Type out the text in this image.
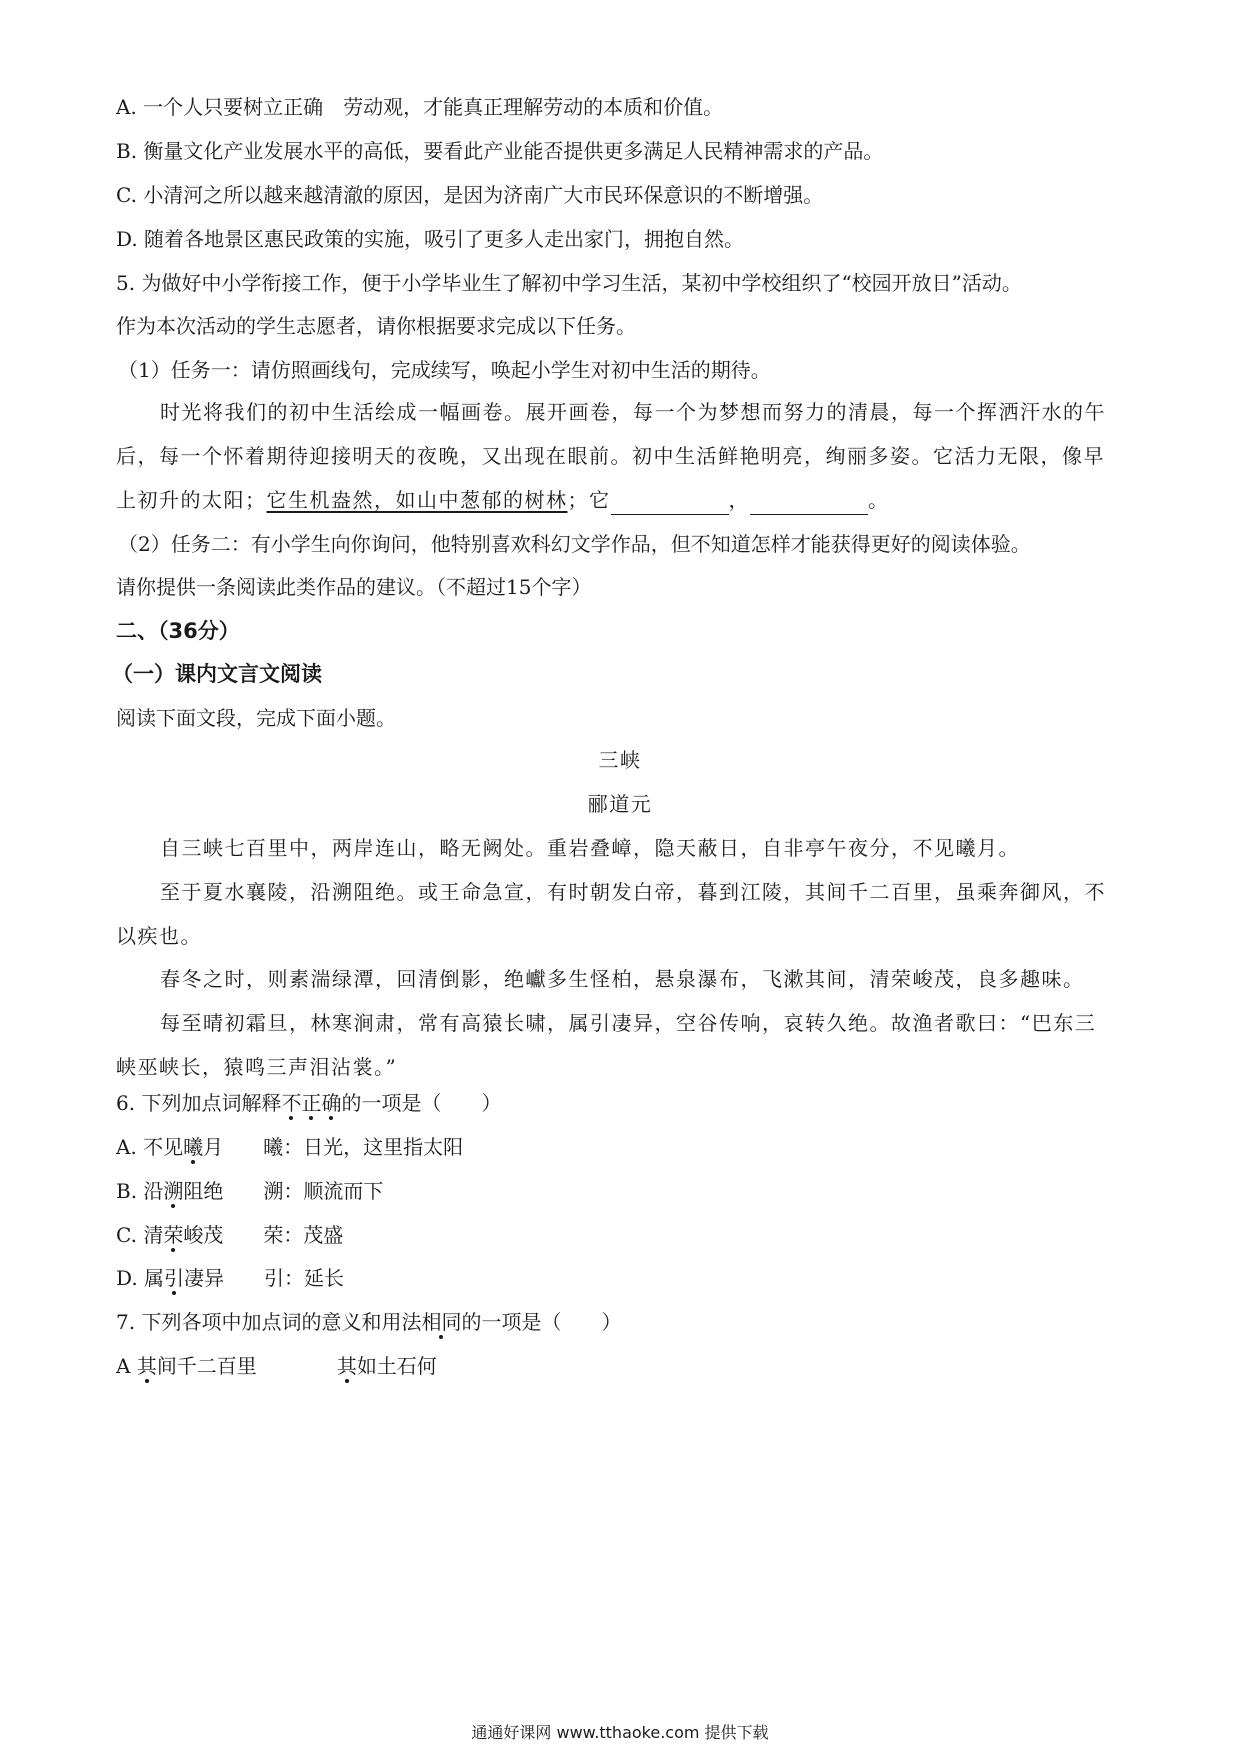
A. 一个人只要树立正确　劳动观，才能真正理解劳动的本质和价值。
B. 衡量文化产业发展水平的高低，要看此产业能否提供更多满足人民精神需求的产品。
C. 小清河之所以越来越清澈的原因，是因为济南广大市民环保意识的不断增强。
D. 随着各地景区惠民政策的实施，吸引了更多人走出家门，拥抱自然。
5. 为做好中小学衔接工作，便于小学毕业生了解初中学习生活，某初中学校组织了“校园开放日”活动。
作为本次活动的学生志愿者，请你根据要求完成以下任务。
（1）任务一：请仿照画线句，完成续写，唤起小学生对初中生活的期待。
时光将我们的初中生活绘成一幅画卷。展开画卷，每一个为梦想而努力的清晨，每一个挥洒汗水的午
后，每一个怀着期待迎接明天的夜晚，又出现在眼前。初中生活鲜艳明亮，绚丽多姿。它活力无限，像早
上初升的太阳；它生机盎然，如山中葱郁的树林；它	，	。
（2）任务二：有小学生向你询问，他特别喜欢科幻文学作品，但不知道怎样才能获得更好的阅读体验。
请你提供一条阅读此类作品的建议。（不超过15个字）
二、（36分）
（一）课内文言文阅读
阅读下面文段，完成下面小题。
三峡
郦道元
自三峡七百里中，两岸连山，略无阙处。重岩叠嶂，隐天蔽日，自非亭午夜分，不见曦月。
至于夏水襄陵，沿溯阻绝。或王命急宣，有时朝发白帝，暮到江陵，其间千二百里，虽乘奔御风，不
以疾也。
春冬之时，则素湍绿潭，回清倒影，绝巘多生怪柏，悬泉瀑布，飞漱其间，清荣峻茂，良多趣味。
每至晴初霜旦，林寒涧肃，常有高猿长啸，属引凄异，空谷传响，哀转久绝。故渔者歌曰：“巴东三
峡巫峡长，猿鸣三声泪沾裳。”
6. 下列加点词解释不正确的一项是（　　）
A. 不见曦月 曦：日光，这里指太阳
B. 沿溯阻绝 溯：顺流而下
C. 清荣峻茂 荣：茂盛
D. 属引凄异 引：延长
7. 下列各项中加点词的意义和用法相同的一项是（　　）
A 其间千二百里	其如土石何
通通好课网 www.tthaoke.com 提供下载
